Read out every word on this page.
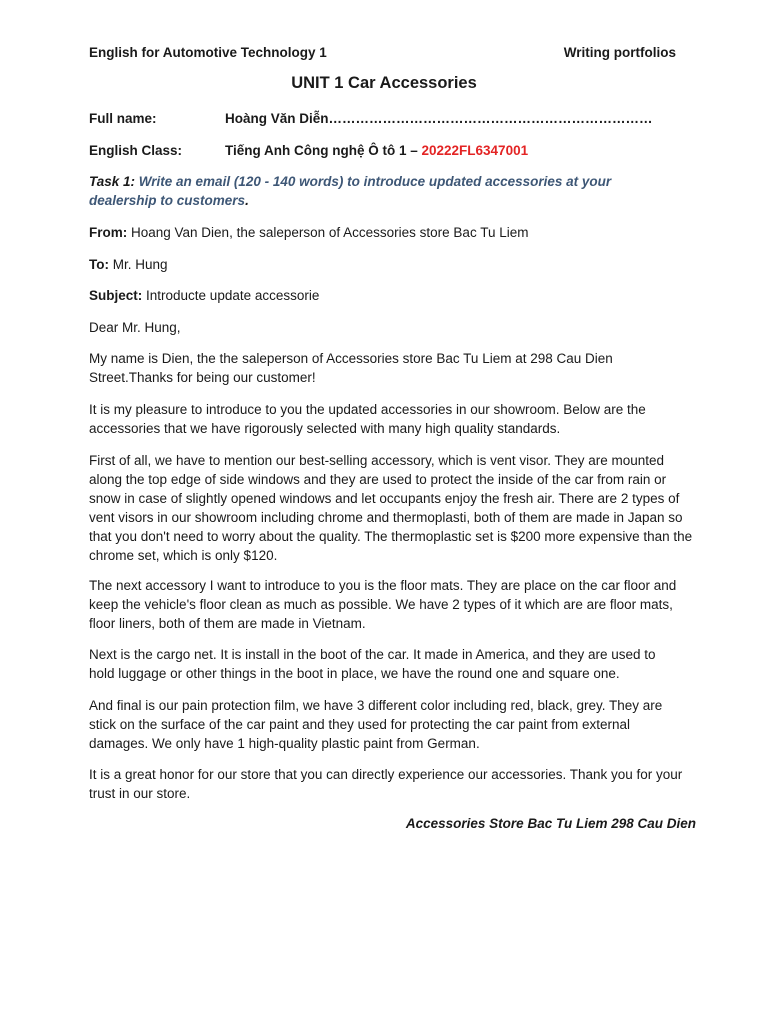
English for Automotive Technology 1	Writing portfolios
UNIT 1 Car Accessories
Full name:	Hoàng Văn Diễn………………………………………………………………
English Class:	Tiếng Anh Công nghệ Ô tô 1 – 20222FL6347001
Task 1: Write an email (120 - 140 words) to introduce updated accessories at your dealership to customers.

From: Hoang Van Dien, the saleperson of Accessories store Bac Tu Liem

To: Mr. Hung

Subject: Introducte update accessorie

Dear Mr. Hung,
My name is Dien, the the saleperson of Accessories store Bac Tu Liem at 298 Cau Dien Street.Thanks for being our customer!
It is my pleasure to introduce to you the updated accessories in our showroom. Below are the accessories that we have rigorously selected with many high quality standards.
First of all, we have to mention our best-selling accessory, which is vent visor. They are mounted along the top edge of side windows and they are used to protect the inside of the car from rain or snow in case of slightly opened windows and let occupants enjoy the fresh air. There are 2 types of vent visors in our showroom including chrome and thermoplasti, both of them are made in Japan so that you don't need to worry about the quality. The thermoplastic set is $200 more expensive than the chrome set, which is only $120.
The next accessory I want to introduce to you is the floor mats. They are place on the car floor and keep the vehicle's floor clean as much as possible. We have 2 types of it which are are floor mats, floor liners, both of them are made in Vietnam.
Next is the cargo net. It is install in the boot of the car. It made in America, and they are used to hold luggage or other things in the boot in place, we have the round one and square one.
And final is our pain protection film, we have 3 different color including red, black, grey. They are stick on the surface of the car paint and they used for protecting the car paint from external damages. We only have 1 high-quality plastic paint from German.
It is a great honor for our store that you can directly experience our accessories. Thank you for your trust in our store.
Accessories Store Bac Tu Liem 298 Cau Dien
